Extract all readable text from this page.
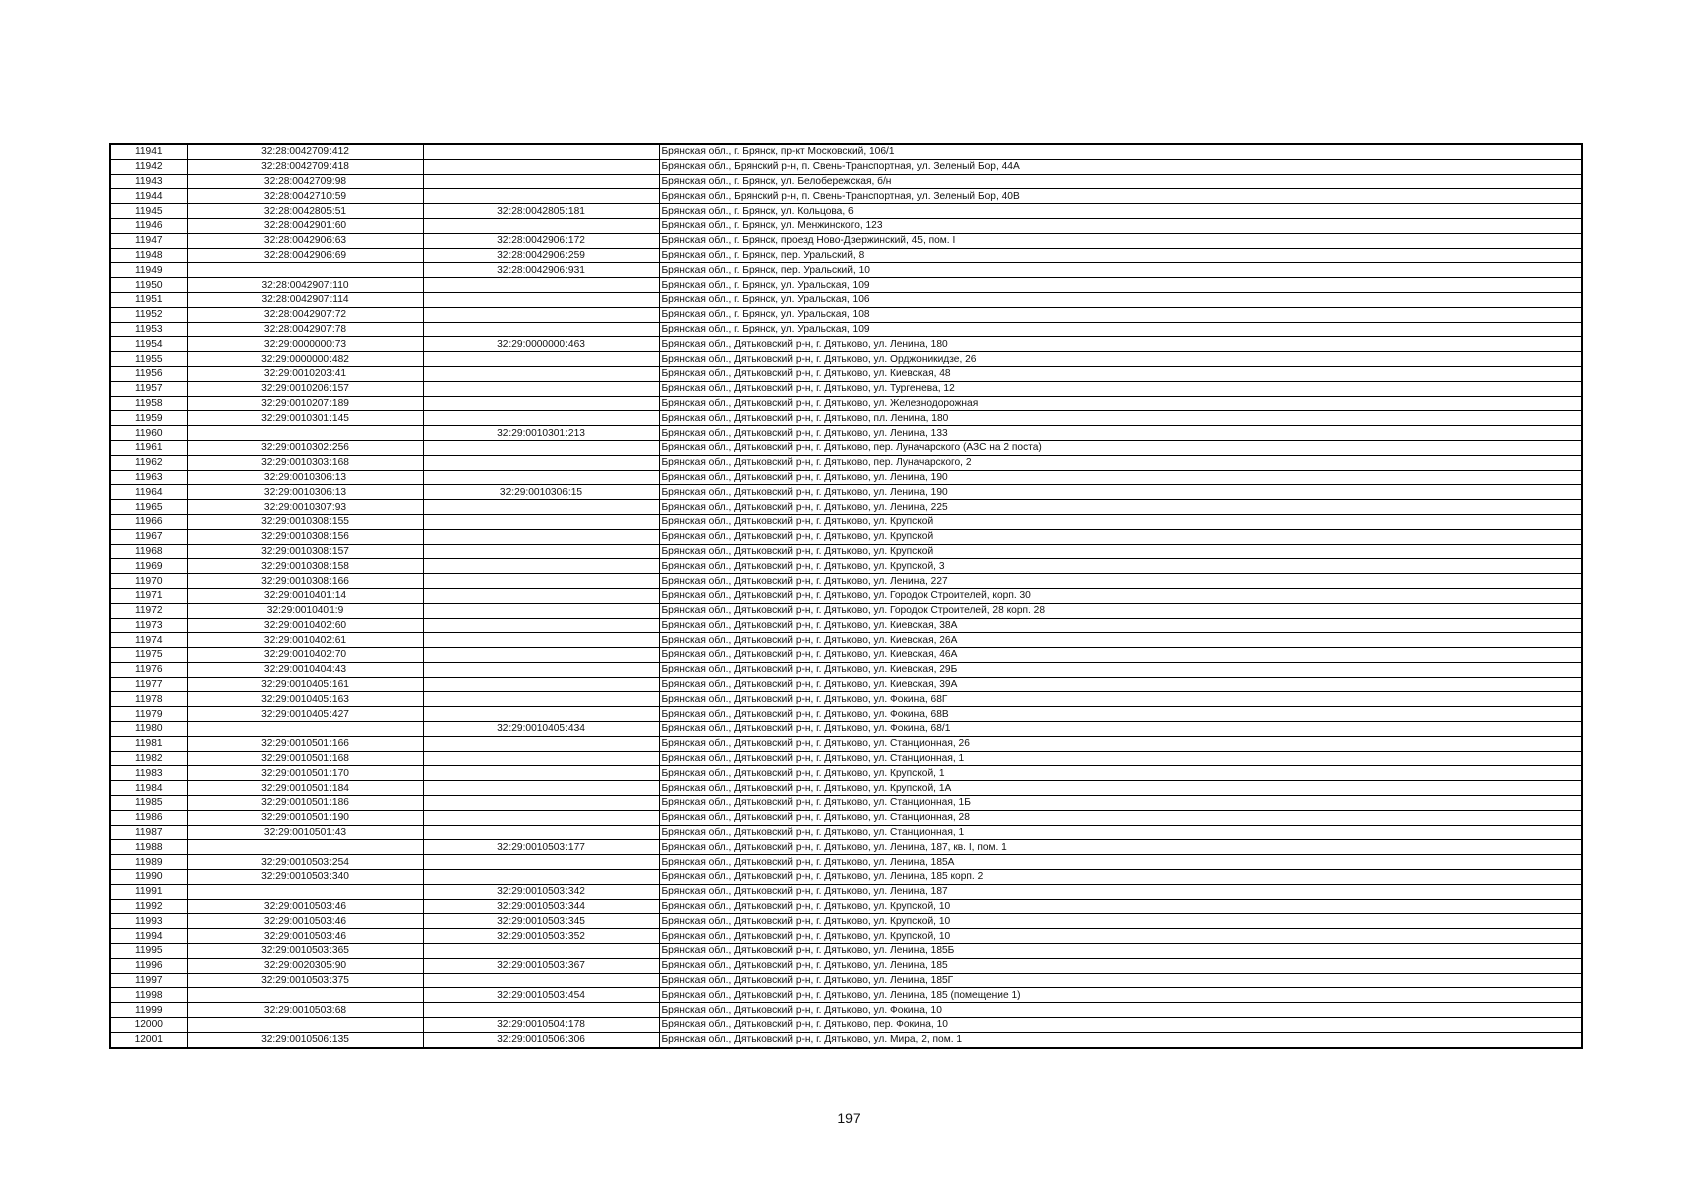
11941	32:28:0042709:412		Брянская обл., г. Брянск, пр-кт Московский, 106/1
11942	32:28:0042709:418		Брянская обл., Брянский р-н, п. Свень-Транспортная, ул. Зеленый Бор, 44А
11943	32:28:0042709:98		Брянская обл., г. Брянск, ул. Белобережская, б/н
11944	32:28:0042710:59		Брянская обл., Брянский р-н, п. Свень-Транспортная, ул. Зеленый Бор, 40В
11945	32:28:0042805:51	32:28:0042805:181	Брянская обл., г. Брянск, ул. Кольцова, 6
11946	32:28:0042901:60		Брянская обл., г. Брянск, ул. Менжинского, 123
11947	32:28:0042906:63	32:28:0042906:172	Брянская обл., г. Брянск, проезд Ново-Дзержинский, 45, пом. I
11948	32:28:0042906:69	32:28:0042906:259	Брянская обл., г. Брянск, пер. Уральский, 8
11949		32:28:0042906:931	Брянская обл., г. Брянск, пер. Уральский, 10
11950	32:28:0042907:110		Брянская обл., г. Брянск, ул. Уральская, 109
11951	32:28:0042907:114		Брянская обл., г. Брянск, ул. Уральская, 106
11952	32:28:0042907:72		Брянская обл., г. Брянск, ул. Уральская, 108
11953	32:28:0042907:78		Брянская обл., г. Брянск, ул. Уральская, 109
11954	32:29:0000000:73	32:29:0000000:463	Брянская обл., Дятьковский р-н, г. Дятьково, ул. Ленина, 180
11955	32:29:0000000:482		Брянская обл., Дятьковский р-н, г. Дятьково, ул. Орджоникидзе, 26
11956	32:29:0010203:41		Брянская обл., Дятьковский р-н, г. Дятьково, ул. Киевская, 48
11957	32:29:0010206:157		Брянская обл., Дятьковский р-н, г. Дятьково, ул. Тургенева, 12
11958	32:29:0010207:189		Брянская обл., Дятьковский р-н, г. Дятьково, ул. Железнодорожная
11959	32:29:0010301:145		Брянская обл., Дятьковский р-н, г. Дятьково, пл. Ленина, 180
11960		32:29:0010301:213	Брянская обл., Дятьковский р-н, г. Дятьково, ул. Ленина, 133
11961	32:29:0010302:256		Брянская обл., Дятьковский р-н, г. Дятьково, пер. Луначарского (АЗС на 2 поста)
11962	32:29:0010303:168		Брянская обл., Дятьковский р-н, г. Дятьково, пер. Луначарского, 2
11963	32:29:0010306:13		Брянская обл., Дятьковский р-н, г. Дятьково, ул. Ленина, 190
11964	32:29:0010306:13	32:29:0010306:15	Брянская обл., Дятьковский р-н, г. Дятьково, ул. Ленина, 190
11965	32:29:0010307:93		Брянская обл., Дятьковский р-н, г. Дятьково, ул. Ленина, 225
11966	32:29:0010308:155		Брянская обл., Дятьковский р-н, г. Дятьково, ул. Крупской
11967	32:29:0010308:156		Брянская обл., Дятьковский р-н, г. Дятьково, ул. Крупской
11968	32:29:0010308:157		Брянская обл., Дятьковский р-н, г. Дятьково, ул. Крупской
11969	32:29:0010308:158		Брянская обл., Дятьковский р-н, г. Дятьково, ул. Крупской, 3
11970	32:29:0010308:166		Брянская обл., Дятьковский р-н, г. Дятьково, ул. Ленина, 227
11971	32:29:0010401:14		Брянская обл., Дятьковский р-н, г. Дятьково, ул. Городок Строителей, корп. 30
11972	32:29:0010401:9		Брянская обл., Дятьковский р-н, г. Дятьково, ул. Городок Строителей, 28 корп. 28
11973	32:29:0010402:60		Брянская обл., Дятьковский р-н, г. Дятьково, ул. Киевская, 38А
11974	32:29:0010402:61		Брянская обл., Дятьковский р-н, г. Дятьково, ул. Киевская, 26А
11975	32:29:0010402:70		Брянская обл., Дятьковский р-н, г. Дятьково, ул. Киевская, 46А
11976	32:29:0010404:43		Брянская обл., Дятьковский р-н, г. Дятьково, ул. Киевская, 29Б
11977	32:29:0010405:161		Брянская обл., Дятьковский р-н, г. Дятьково, ул. Киевская, 39А
11978	32:29:0010405:163		Брянская обл., Дятьковский р-н, г. Дятьково, ул. Фокина, 68Г
11979	32:29:0010405:427		Брянская обл., Дятьковский р-н, г. Дятьково, ул. Фокина, 68В
11980		32:29:0010405:434	Брянская обл., Дятьковский р-н, г. Дятьково, ул. Фокина, 68/1
11981	32:29:0010501:166		Брянская обл., Дятьковский р-н, г. Дятьково, ул. Станционная, 26
11982	32:29:0010501:168		Брянская обл., Дятьковский р-н, г. Дятьково, ул. Станционная, 1
11983	32:29:0010501:170		Брянская обл., Дятьковский р-н, г. Дятьково, ул. Крупской, 1
11984	32:29:0010501:184		Брянская обл., Дятьковский р-н, г. Дятьково, ул. Крупской, 1А
11985	32:29:0010501:186		Брянская обл., Дятьковский р-н, г. Дятьково, ул. Станционная, 1Б
11986	32:29:0010501:190		Брянская обл., Дятьковский р-н, г. Дятьково, ул. Станционная, 28
11987	32:29:0010501:43		Брянская обл., Дятьковский р-н, г. Дятьково, ул. Станционная, 1
11988		32:29:0010503:177	Брянская обл., Дятьковский р-н, г. Дятьково, ул. Ленина, 187, кв. I, пом. 1
11989	32:29:0010503:254		Брянская обл., Дятьковский р-н, г. Дятьково, ул. Ленина, 185А
11990	32:29:0010503:340		Брянская обл., Дятьковский р-н, г. Дятьково, ул. Ленина, 185 корп. 2
11991		32:29:0010503:342	Брянская обл., Дятьковский р-н, г. Дятьково, ул. Ленина, 187
11992	32:29:0010503:46	32:29:0010503:344	Брянская обл., Дятьковский р-н, г. Дятьково, ул. Крупской, 10
11993	32:29:0010503:46	32:29:0010503:345	Брянская обл., Дятьковский р-н, г. Дятьково, ул. Крупской, 10
11994	32:29:0010503:46	32:29:0010503:352	Брянская обл., Дятьковский р-н, г. Дятьково, ул. Крупской, 10
11995	32:29:0010503:365		Брянская обл., Дятьковский р-н, г. Дятьково, ул. Ленина, 185Б
11996	32:29:0020305:90	32:29:0010503:367	Брянская обл., Дятьковский р-н, г. Дятьково, ул. Ленина, 185
11997	32:29:0010503:375		Брянская обл., Дятьковский р-н, г. Дятьково, ул. Ленина, 185Г
11998		32:29:0010503:454	Брянская обл., Дятьковский р-н, г. Дятьково, ул. Ленина, 185 (помещение 1)
11999	32:29:0010503:68		Брянская обл., Дятьковский р-н, г. Дятьково, ул. Фокина, 10
12000		32:29:0010504:178	Брянская обл., Дятьковский р-н, г. Дятьково, пер. Фокина, 10
12001	32:29:0010506:135	32:29:0010506:306	Брянская обл., Дятьковский р-н, г. Дятьково, ул. Мира, 2, пом. 1
197
